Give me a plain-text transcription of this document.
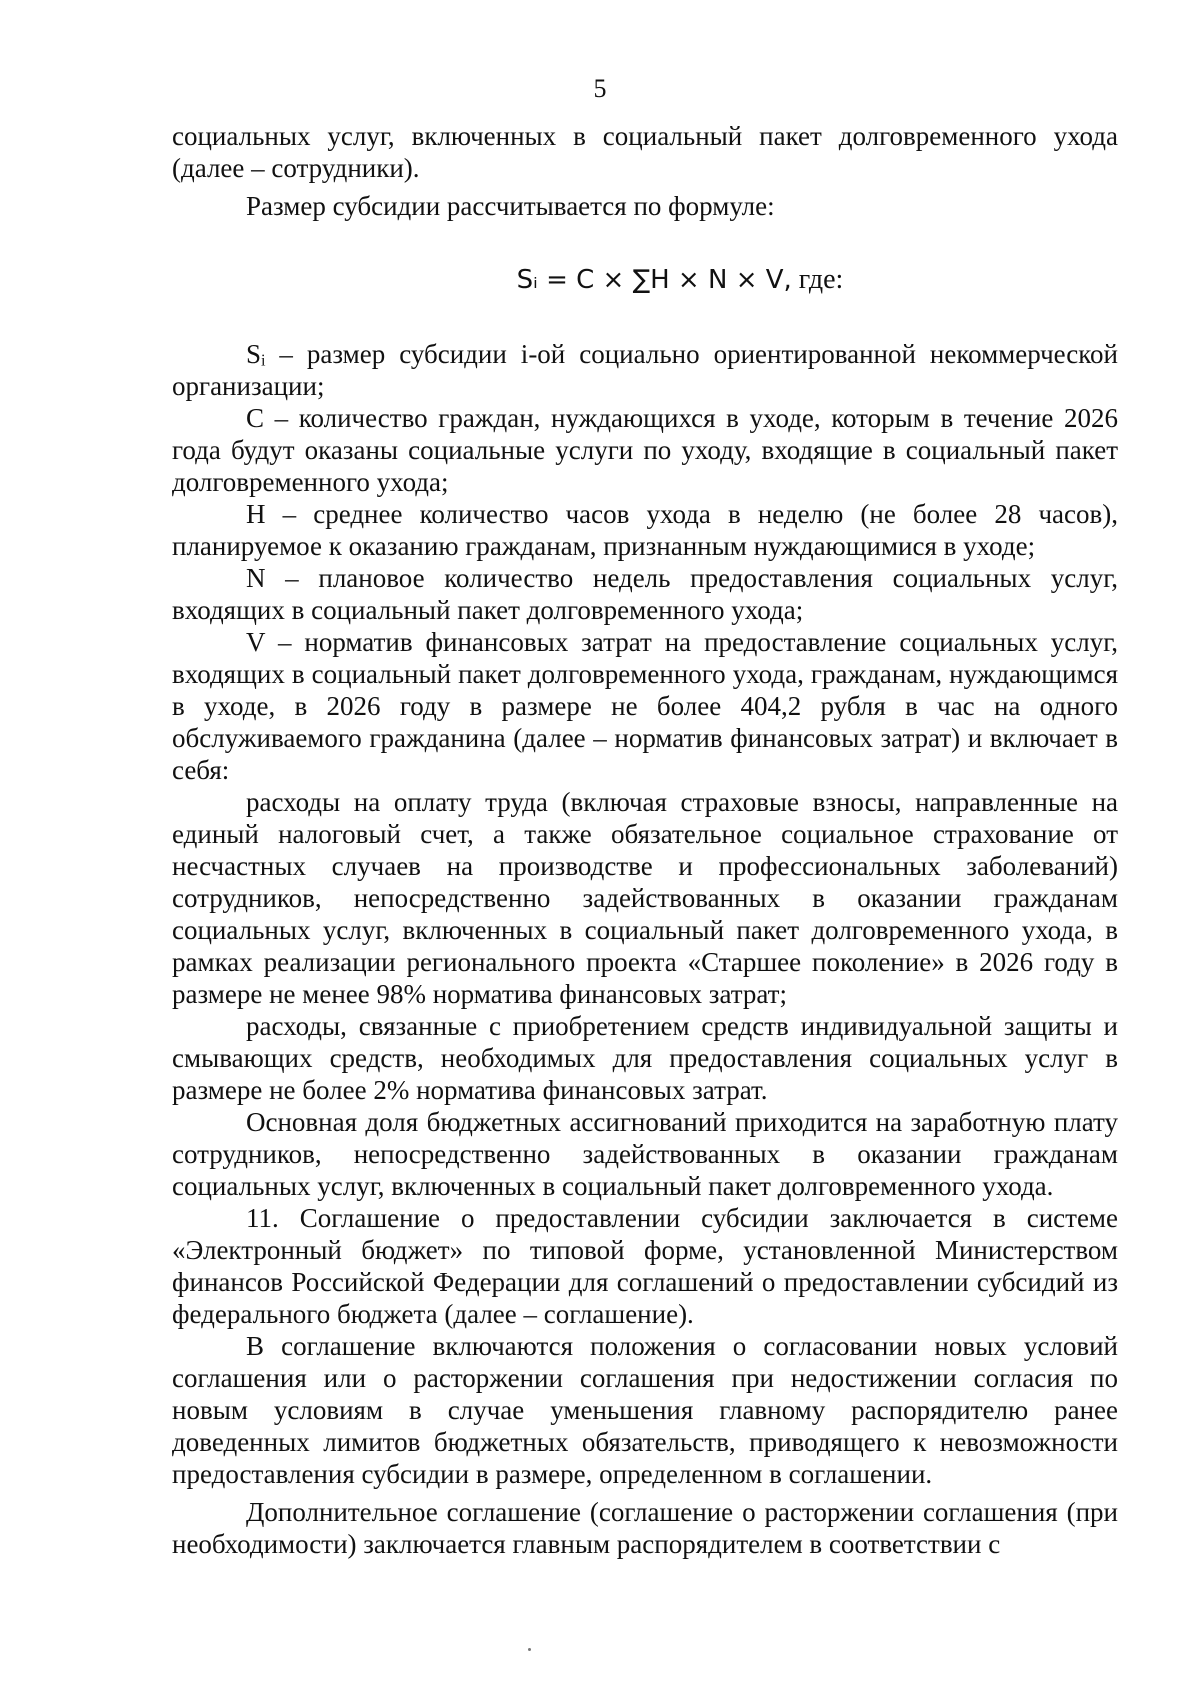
5

социальных услуг, включенных в социальный пакет долговременного ухода (далее – сотрудники).

Размер субсидии рассчитывается по формуле:

Sᵢ = C × ∑H × N × V, где:

Sᵢ – размер субсидии i-ой социально ориентированной некоммерческой организации;

C – количество граждан, нуждающихся в уходе, которым в течение 2026 года будут оказаны социальные услуги по уходу, входящие в социальный пакет долговременного ухода;

H – среднее количество часов ухода в неделю (не более 28 часов), планируемое к оказанию гражданам, признанным нуждающимися в уходе;

N – плановое количество недель предоставления социальных услуг, входящих в социальный пакет долговременного ухода;

V – норматив финансовых затрат на предоставление социальных услуг, входящих в социальный пакет долговременного ухода, гражданам, нуждающимся в уходе, в 2026 году в размере не более 404,2 рубля в час на одного обслуживаемого гражданина (далее – норматив финансовых затрат) и включает в себя:

расходы на оплату труда (включая страховые взносы, направленные на единый налоговый счет, а также обязательное социальное страхование от несчастных случаев на производстве и профессиональных заболеваний) сотрудников, непосредственно задействованных в оказании гражданам социальных услуг, включенных в социальный пакет долговременного ухода, в рамках реализации регионального проекта «Старшее поколение» в 2026 году в размере не менее 98% норматива финансовых затрат;

расходы, связанные с приобретением средств индивидуальной защиты и смывающих средств, необходимых для предоставления социальных услуг в размере не более 2% норматива финансовых затрат.

Основная доля бюджетных ассигнований приходится на заработную плату сотрудников, непосредственно задействованных в оказании гражданам социальных услуг, включенных в социальный пакет долговременного ухода.

11. Соглашение о предоставлении субсидии заключается в системе «Электронный бюджет» по типовой форме, установленной Министерством финансов Российской Федерации для соглашений о предоставлении субсидий из федерального бюджета (далее – соглашение).

В соглашение включаются положения о согласовании новых условий соглашения или о расторжении соглашения при недостижении согласия по новым условиям в случае уменьшения главному распорядителю ранее доведенных лимитов бюджетных обязательств, приводящего к невозможности предоставления субсидии в размере, определенном в соглашении.

Дополнительное соглашение (соглашение о расторжении соглашения (при необходимости) заключается главным распорядителем в соответствии с
